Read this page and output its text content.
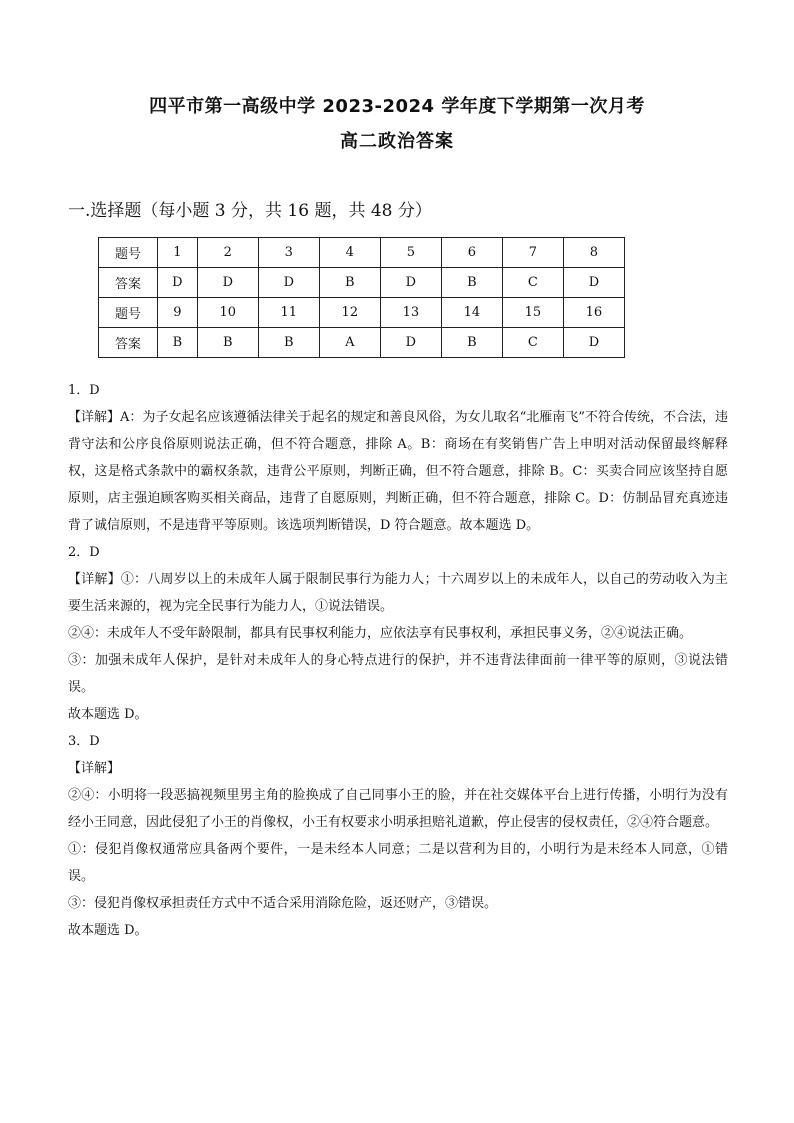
四平市第一高级中学 2023-2024 学年度下学期第一次月考
高二政治答案
一.选择题（每小题 3 分，共 16 题，共 48 分）
题号	1	2	3	4	5	6	7	8
答案	D	D	D	B	D	B	C	D
题号	9	10	11	12	13	14	15	16
答案	B	B	B	A	D	B	C	D

1．D

【详解】A：为子女起名应该遵循法律关于起名的规定和善良风俗，为女儿取名“北雁南飞”不符合传统，不合法，违背守法和公序良俗原则说法正确，但不符合题意，排除 A。B：商场在有奖销售广告上申明对活动保留最终解释权，这是格式条款中的霸权条款，违背公平原则，判断正确，但不符合题意，排除 B。C：买卖合同应该坚持自愿原则，店主强迫顾客购买相关商品，违背了自愿原则，判断正确，但不符合题意，排除 C。D：仿制品冒充真迹违背了诚信原则，不是违背平等原则。该选项判断错误，D 符合题意。故本题选 D。

2．D

【详解】①：八周岁以上的未成年人属于限制民事行为能力人；十六周岁以上的未成年人，以自己的劳动收入为主要生活来源的，视为完全民事行为能力人，①说法错误。

②④：未成年人不受年龄限制，都具有民事权利能力，应依法享有民事权利，承担民事义务，②④说法正确。

③：加强未成年人保护，是针对未成年人的身心特点进行的保护，并不违背法律面前一律平等的原则，③说法错误。

故本题选 D。

3．D

【详解】

②④：小明将一段恶搞视频里男主角的脸换成了自己同事小王的脸，并在社交媒体平台上进行传播，小明行为没有经小王同意，因此侵犯了小王的肖像权，小王有权要求小明承担赔礼道歉，停止侵害的侵权责任，②④符合题意。

①：侵犯肖像权通常应具备两个要件，一是未经本人同意；二是以营利为目的，小明行为是未经本人同意，①错误。

③：侵犯肖像权承担责任方式中不适合采用消除危险，返还财产，③错误。

故本题选 D。
